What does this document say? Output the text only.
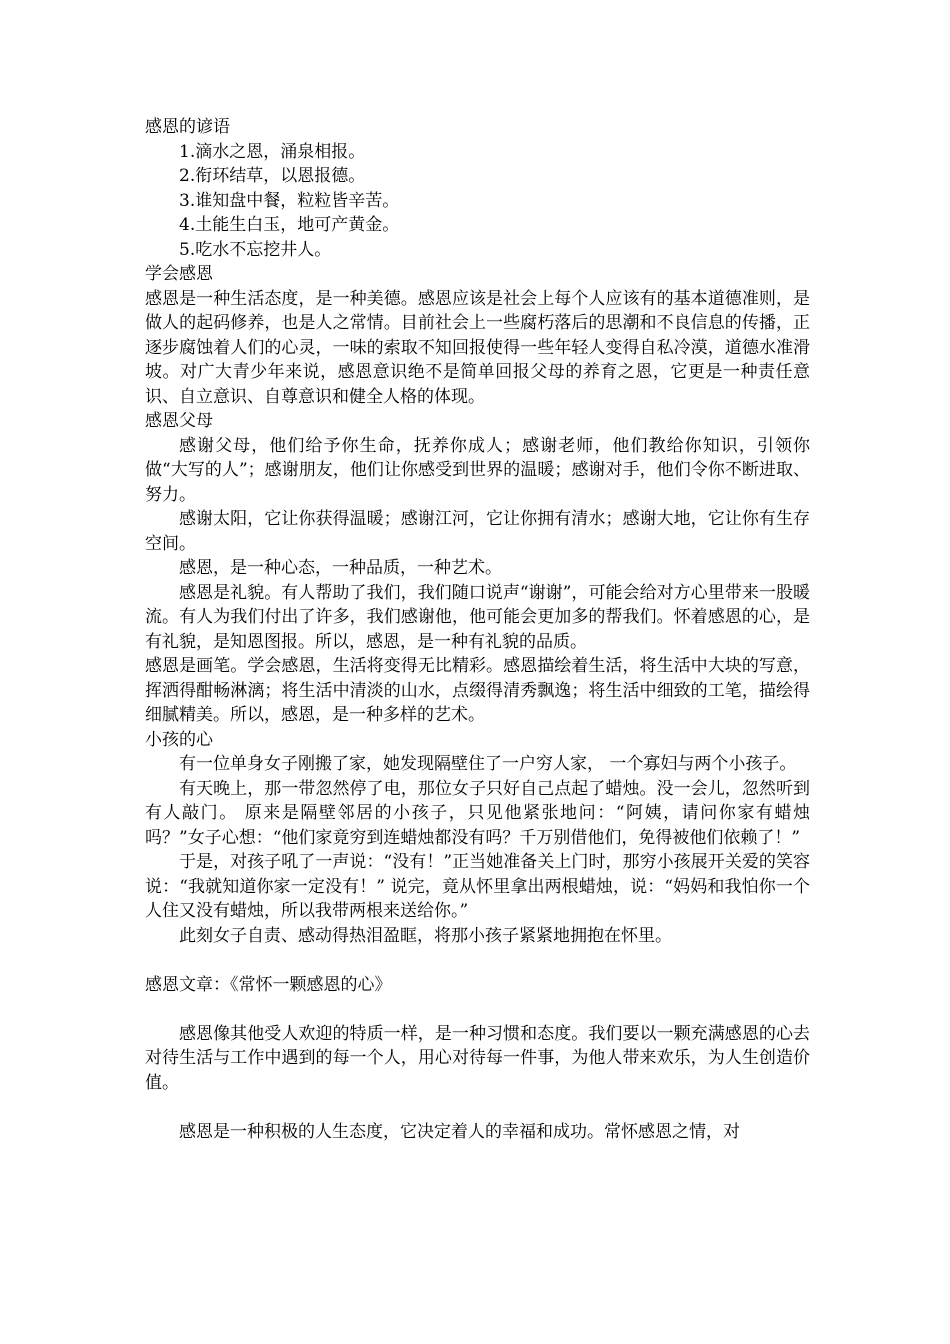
感恩的谚语

1.滴水之恩，涌泉相报。

2.衔环结草，以恩报德。

3.谁知盘中餐，粒粒皆辛苦。

4.土能生白玉，地可产黄金。

5.吃水不忘挖井人。

学会感恩

感恩是一种生活态度，是一种美德。感恩应该是社会上每个人应该有的基本道德准则，是做人的起码修养，也是人之常情。目前社会上一些腐朽落后的思潮和不良信息的传播，正逐步腐蚀着人们的心灵，一味的索取不知回报使得一些年轻人变得自私冷漠，道德水准滑坡。对广大青少年来说，感恩意识绝不是简单回报父母的养育之恩，它更是一种责任意识、自立意识、自尊意识和健全人格的体现。

感恩父母

感谢父母，他们给予你生命，抚养你成人；感谢老师，他们教给你知识，引领你做“大写的人”；感谢朋友，他们让你感受到世界的温暖；感谢对手，他们令你不断进取、努力。

感谢太阳，它让你获得温暖；感谢江河，它让你拥有清水；感谢大地，它让你有生存空间。

感恩，是一种心态，一种品质，一种艺术。

感恩是礼貌。有人帮助了我们，我们随口说声“谢谢”，可能会给对方心里带来一股暖流。有人为我们付出了许多，我们感谢他，他可能会更加多的帮我们。怀着感恩的心，是有礼貌，是知恩图报。所以，感恩，是一种有礼貌的品质。

感恩是画笔。学会感恩，生活将变得无比精彩。感恩描绘着生活，将生活中大块的写意，挥洒得酣畅淋漓；将生活中清淡的山水，点缀得清秀飘逸；将生活中细致的工笔，描绘得细腻精美。所以，感恩，是一种多样的艺术。

小孩的心

有一位单身女子刚搬了家，她发现隔壁住了一户穷人家， 一个寡妇与两个小孩子。

有天晚上，那一带忽然停了电，那位女子只好自己点起了蜡烛。没一会儿，忽然听到有人敲门。 原来是隔壁邻居的小孩子，只见他紧张地问：“阿姨，请问你家有蜡烛吗？”女子心想：“他们家竟穷到连蜡烛都没有吗？千万别借他们，免得被他们依赖了！”

于是，对孩子吼了一声说：“没有！”正当她准备关上门时，那穷小孩展开关爱的笑容说：“我就知道你家一定没有！” 说完，竟从怀里拿出两根蜡烛，说：“妈妈和我怕你一个人住又没有蜡烛，所以我带两根来送给你。”

此刻女子自责、感动得热泪盈眶，将那小孩子紧紧地拥抱在怀里。

感恩文章：《常怀一颗感恩的心》

感恩像其他受人欢迎的特质一样，是一种习惯和态度。我们要以一颗充满感恩的心去对待生活与工作中遇到的每一个人，用心对待每一件事，为他人带来欢乐，为人生创造价值。

感恩是一种积极的人生态度，它决定着人的幸福和成功。常怀感恩之情，对
